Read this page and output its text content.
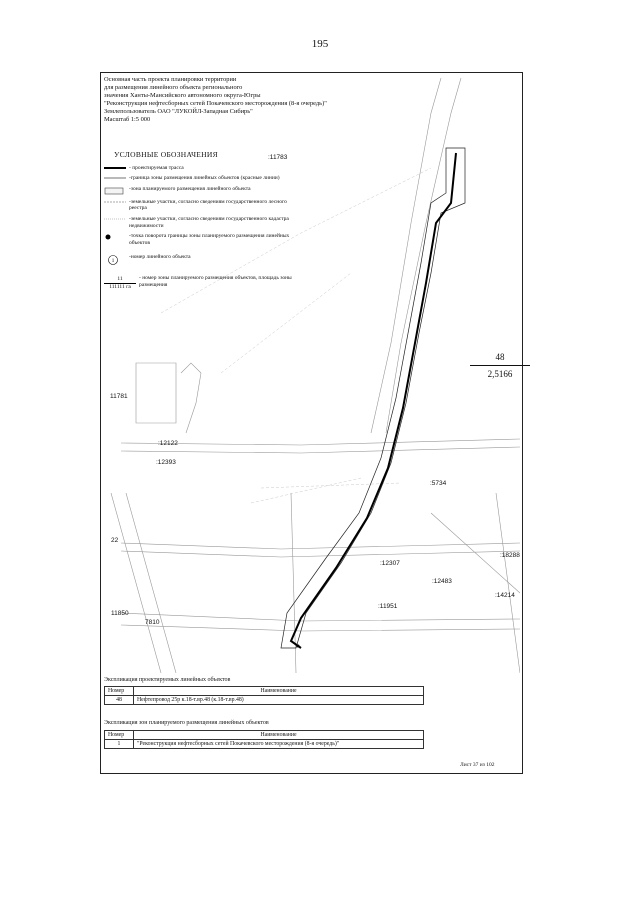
195
Основная часть проекта планировки территории
для размещения линейного объекта регионального
значения Ханты-Мансийского автономного округа-Югры
"Реконструкция нефтесборных сетей Покачевского месторождения (8-я очередь)"
Землепользователь ОАО "ЛУКОЙЛ-Западная Сибирь"
Масштаб 1:5 000
УСЛОВНЫЕ ОБОЗНАЧЕНИЯ
- проектируемая трасса
-граница зоны размещения линейных объектов (красные линии)
-зона планируемого размещения линейного объекта
-земельные участки, согласно сведениям государственного лесного реестра
-земельные участки, согласно сведениям государственного кадастра недвижимости
-точка поворота границы зоны планируемого размещения линейных объектов
1
-номер линейного объекта
11
111111 га
- номер зоны планируемого размещения объектов, площадь зоны размещения
:11783
11781
:12122
:12393
:5734
:12307
:18288
:12483
:14214
:11951
11850
22
7810
48
2,5166
Экспликация проектируемых линейных объектов
Номер	Наименование
48	Нефтепровод 25р к.18-т.вр.48 (к.18-т.вр.48)
Экспликация зон планируемого размещения линейных объектов
Номер	Наименование
1	"Реконструкция нефтесборных сетей Покачевского месторождения (8-я очередь)"
Лист 37 из 102
